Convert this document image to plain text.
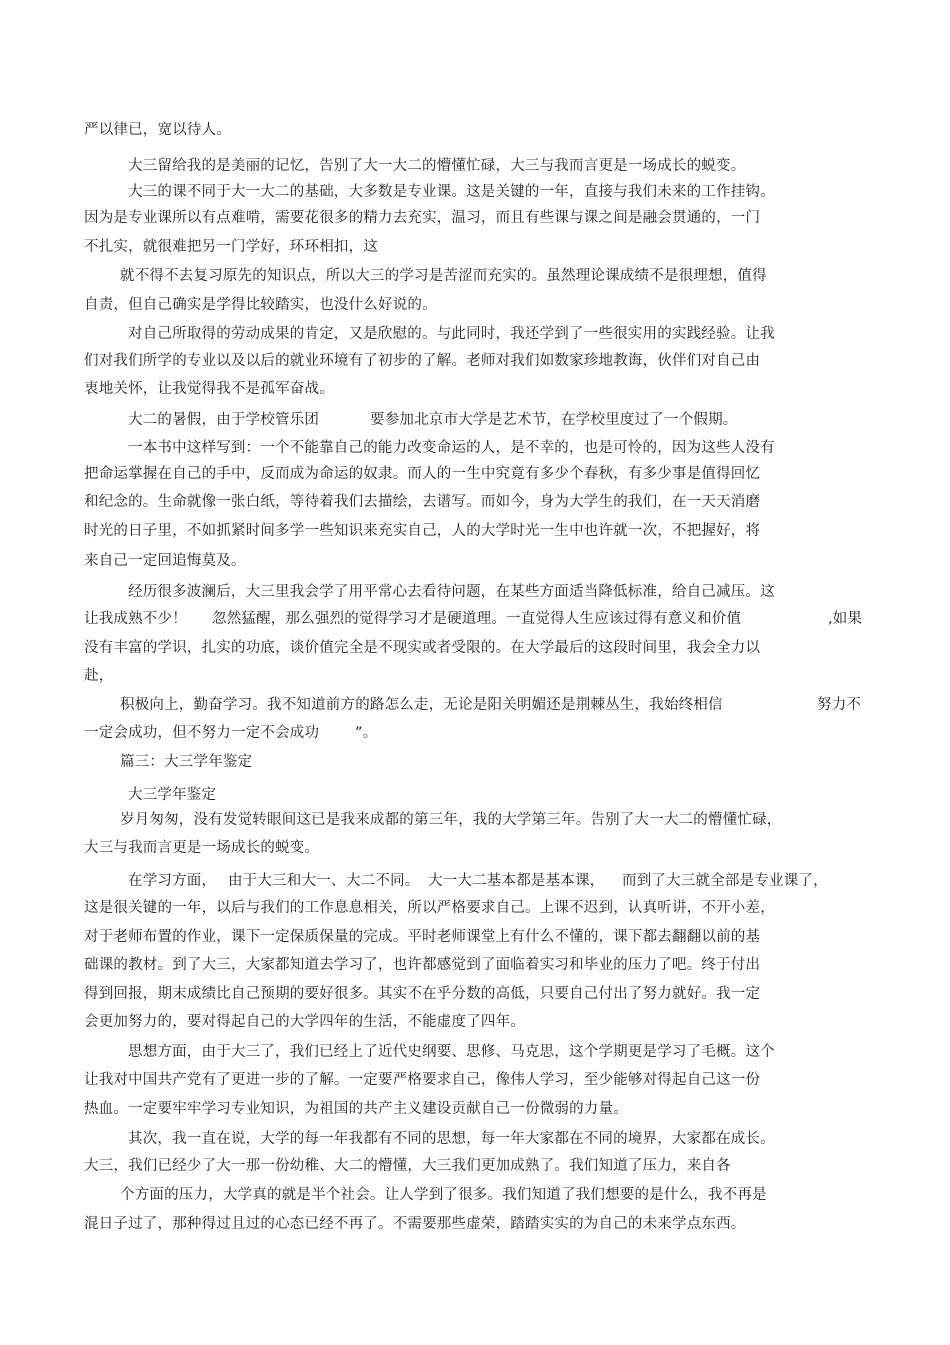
严以律已，宽以待人。
大三留给我的是美丽的记忆，告别了大一大二的懵懂忙碌，大三与我而言更是一场成长的蜕变。
大三的课不同于大一大二的基础，大多数是专业课。这是关键的一年，直接与我们未来的工作挂钩。
因为是专业课所以有点难啃，需要花很多的精力去充实，温习，而且有些课与课之间是融会贯通的，一门
不扎实，就很难把另一门学好，环环相扣，这
就不得不去复习原先的知识点，所以大三的学习是苦涩而充实的。虽然理论课成绩不是很理想，值得
自责，但自己确实是学得比较踏实，也没什么好说的。
对自己所取得的劳动成果的肯定，又是欣慰的。与此同时，我还学到了一些很实用的实践经验。让我
们对我们所学的专业以及以后的就业环境有了初步的了解。老师对我们如数家珍地教诲，伙伴们对自己由
衷地关怀，让我觉得我不是孤军奋战。
大二的暑假，由于学校管乐团	要参加北京市大学是艺术节，在学校里度过了一个假期。
一本书中这样写到：一个不能靠自己的能力改变命运的人，是不幸的，也是可怜的，因为这些人没有
把命运掌握在自己的手中，反而成为命运的奴隶。而人的一生中究竟有多少个春秋，有多少事是值得回忆
和纪念的。生命就像一张白纸，等待着我们去描绘，去谱写。而如今，身为大学生的我们，在一天天消磨
时光的日子里，不如抓紧时间多学一些知识来充实自己，人的大学时光一生中也许就一次，不把握好，将
来自己一定回追悔莫及。
经历很多波澜后，大三里我会学了用平常心去看待问题，在某些方面适当降低标准，给自己减压。这
让我成熟不少！ 忽然猛醒，那么强烈的觉得学习才是硬道理。一直觉得人生应该过得有意义和价值	,如果
没有丰富的学识，扎实的功底，谈价值完全是不现实或者受限的。在大学最后的这段时间里，我会全力以
赴，
积极向上，勤奋学习。我不知道前方的路怎么走，无论是阳关明媚还是荆棘丛生，我始终相信	努力不
一定会成功，但不努力一定不会成功 ”。
篇三：大三学年鉴定
大三学年鉴定
岁月匆匆，没有发觉转眼间这已是我来成都的第三年，我的大学第三年。告别了大一大二的懵懂忙碌，
大三与我而言更是一场成长的蜕变。
在学习方面， 由于大三和大一、 大二不同。 大一大二基本都是基本课， 而到了大三就全部是专业课了，
这是很关键的一年，以后与我们的工作息息相关，所以严格要求自己。上课不迟到，认真听讲，不开小差，
对于老师布置的作业，课下一定保质保量的完成。平时老师课堂上有什么不懂的，课下都去翻翻以前的基
础课的教材。到了大三，大家都知道去学习了，也许都感觉到了面临着实习和毕业的压力了吧。终于付出
得到回报，期末成绩比自己预期的要好很多。其实不在乎分数的高低，只要自己付出了努力就好。我一定
会更加努力的，要对得起自己的大学四年的生活，不能虚度了四年。
思想方面，由于大三了，我们已经上了近代史纲要、思修、马克思，这个学期更是学习了毛概。这个
让我对中国共产党有了更进一步的了解。一定要严格要求自己，像伟人学习，至少能够对得起自己这一份
热血。一定要牢牢学习专业知识，为祖国的共产主义建设贡献自己一份微弱的力量。
其次，我一直在说，大学的每一年我都有不同的思想，每一年大家都在不同的境界，大家都在成长。
大三，我们已经少了大一那一份幼稚、大二的懵懂，大三我们更加成熟了。我们知道了压力，来自各
个方面的压力，大学真的就是半个社会。让人学到了很多。我们知道了我们想要的是什么，我不再是
混日子过了，那种得过且过的心态已经不再了。不需要那些虚荣，踏踏实实的为自己的未来学点东西。
